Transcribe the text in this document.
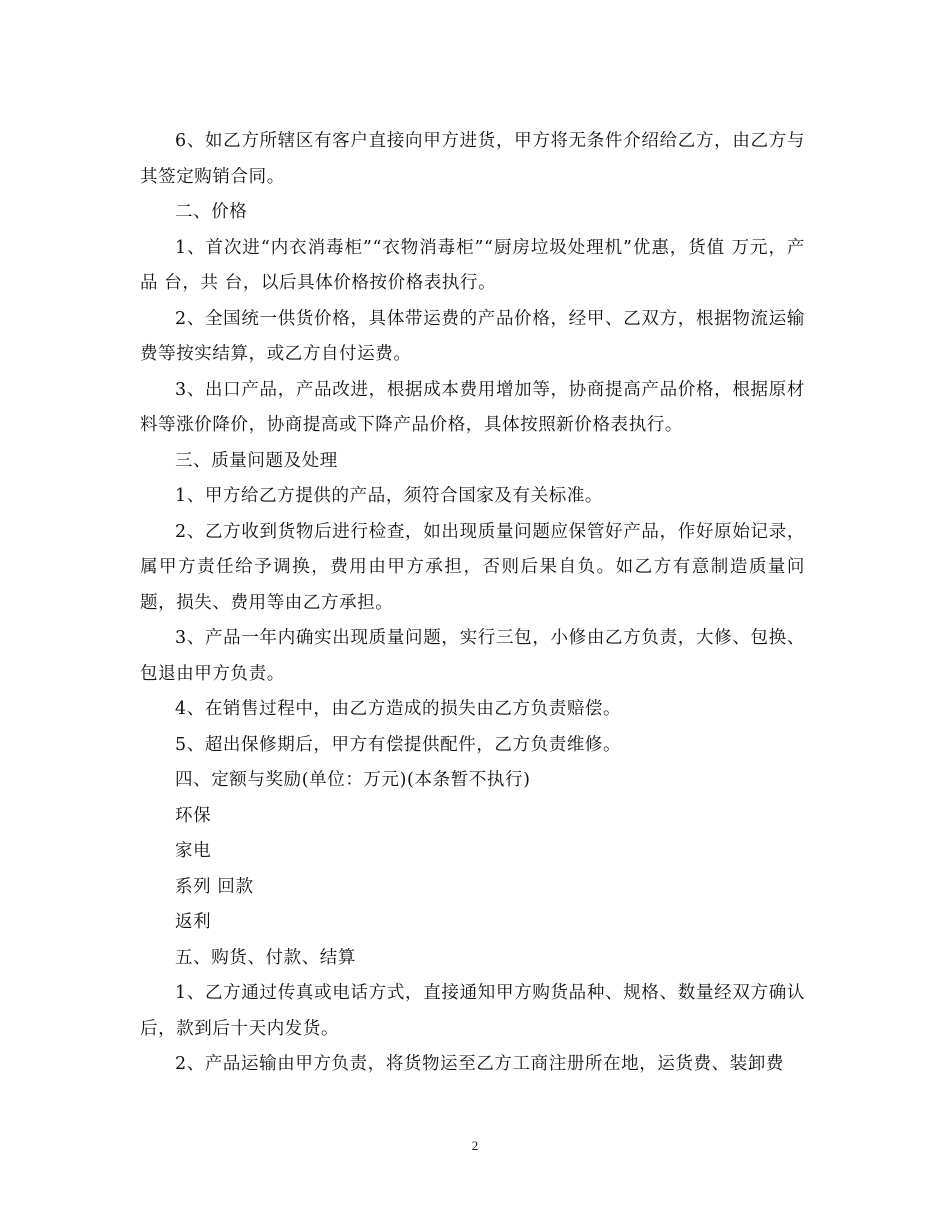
6、如乙方所辖区有客户直接向甲方进货，甲方将无条件介绍给乙方，由乙方与其签定购销合同。

二、价格

1、首次进“内衣消毒柜”“衣物消毒柜”“厨房垃圾处理机”优惠，货值 万元，产品 台，共 台，以后具体价格按价格表执行。

2、全国统一供货价格，具体带运费的产品价格，经甲、乙双方，根据物流运输费等按实结算，或乙方自付运费。

3、出口产品，产品改进，根据成本费用增加等，协商提高产品价格，根据原材料等涨价降价，协商提高或下降产品价格，具体按照新价格表执行。

三、质量问题及处理

1、甲方给乙方提供的产品，须符合国家及有关标准。

2、乙方收到货物后进行检查，如出现质量问题应保管好产品，作好原始记录，属甲方责任给予调换，费用由甲方承担，否则后果自负。如乙方有意制造质量问题，损失、费用等由乙方承担。

3、产品一年内确实出现质量问题，实行三包，小修由乙方负责，大修、包换、包退由甲方负责。

4、在销售过程中，由乙方造成的损失由乙方负责赔偿。

5、超出保修期后，甲方有偿提供配件，乙方负责维修。

四、定额与奖励(单位：万元)(本条暂不执行)

环保

家电

系列 回款

返利

五、购货、付款、结算

1、乙方通过传真或电话方式，直接通知甲方购货品种、规格、数量经双方确认后，款到后十天内发货。

2、产品运输由甲方负责，将货物运至乙方工商注册所在地，运货费、装卸费

2
